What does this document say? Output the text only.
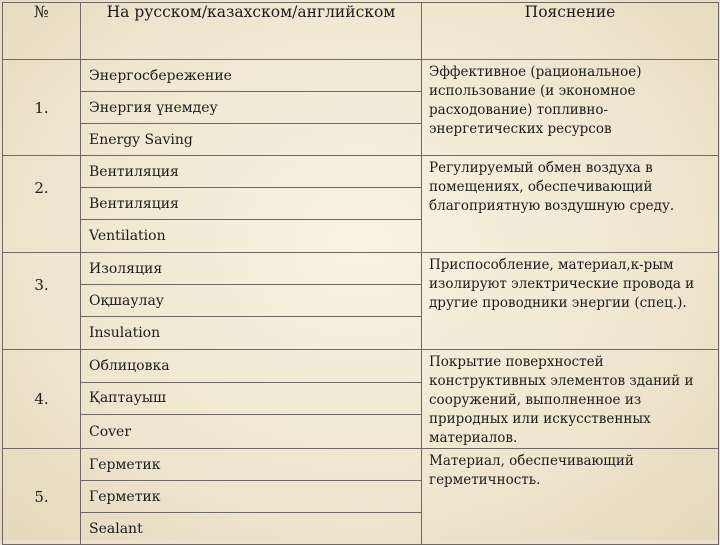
№	На русском/казахском/английском	Пояснение
1.	Энергосбережение	Эффективное (рациональное) использование (и экономное расходование) топливно-энергетических ресурсов
	Энергия үнемдеу	
	Energy Saving	
2.	Вентиляция	Регулируемый обмен воздуха в помещениях, обеспечивающий благоприятную воздушную среду.
	Вентиляция	
	Ventilation	
3.	Изоляция	Приспособление, материал,к-рым изолируют электрические провода и другие проводники энергии (спец.).
	Оқшаулау	
	Insulation	
4.	Облицовка	Покрытие поверхностей конструктивных элементов зданий и сооружений, выполненное из природных или искусственных материалов.
	Қаптауыш	
	Cover	
5.	Герметик	Материал, обеспечивающий герметичность.
	Герметик	
	Sealant	
